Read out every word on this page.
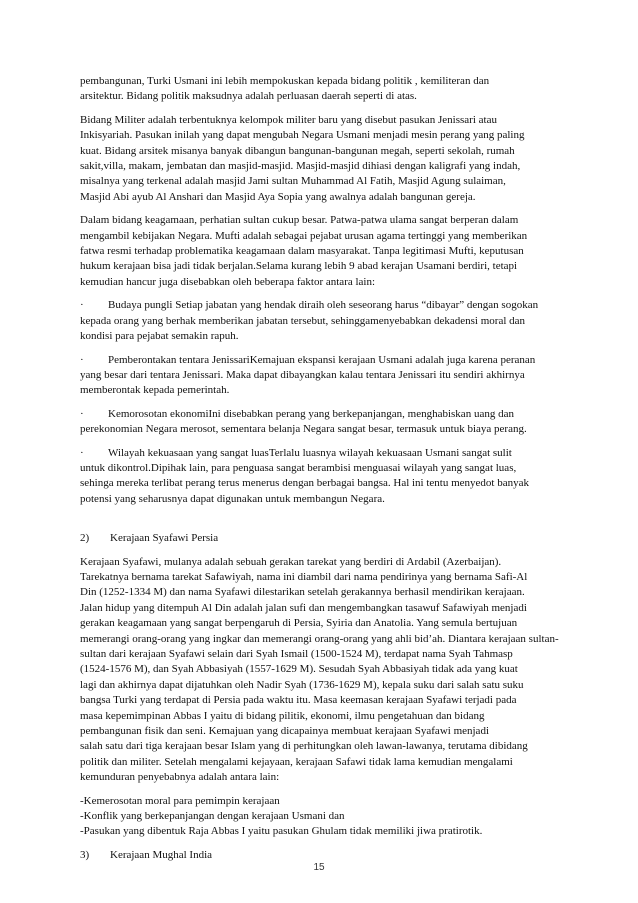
pembangunan, Turki Usmani ini lebih mempokuskan kepada bidang politik , kemiliteran dan
arsitektur. Bidang politik maksudnya adalah perluasan daerah seperti di atas.
Bidang Militer adalah terbentuknya kelompok militer baru yang disebut pasukan Jenissari atau
Inkisyariah. Pasukan inilah yang dapat mengubah Negara Usmani menjadi mesin perang yang paling
kuat. Bidang arsitek misanya banyak dibangun bangunan-bangunan megah, seperti sekolah, rumah
sakit,villa, makam, jembatan dan masjid-masjid. Masjid-masjid dihiasi dengan kaligrafi yang indah,
misalnya yang terkenal adalah masjid Jami sultan Muhammad Al Fatih, Masjid Agung sulaiman,
Masjid Abi ayub Al Anshari dan Masjid Aya Sopia yang awalnya adalah bangunan gereja.
Dalam bidang keagamaan, perhatian sultan cukup besar. Patwa-patwa ulama sangat berperan dalam
mengambil kebijakan Negara. Mufti adalah sebagai pejabat urusan agama tertinggi yang memberikan
fatwa resmi terhadap problematika keagamaan dalam masyarakat. Tanpa legitimasi Mufti, keputusan
hukum kerajaan bisa jadi tidak berjalan.Selama kurang lebih 9 abad kerajan Usamani berdiri, tetapi
kemudian hancur juga disebabkan oleh beberapa faktor antara lain:
· Budaya pungli Setiap jabatan yang hendak diraih oleh seseorang harus “dibayar” dengan sogokan
kepada orang yang berhak memberikan jabatan tersebut, sehinggamenyebabkan dekadensi moral dan
kondisi para pejabat semakin rapuh.
· Pemberontakan tentara JenissariKemajuan ekspansi kerajaan Usmani adalah juga karena peranan
yang besar dari tentara Jenissari. Maka dapat dibayangkan kalau tentara Jenissari itu sendiri akhirnya
memberontak kepada pemerintah.
· Kemorosotan ekonomiIni disebabkan perang yang berkepanjangan, menghabiskan uang dan
perekonomian Negara merosot, sementara belanja Negara sangat besar, termasuk untuk biaya perang.
· Wilayah kekuasaan yang sangat luasTerlalu luasnya wilayah kekuasaan Usmani sangat sulit
untuk dikontrol.Dipihak lain, para penguasa sangat berambisi menguasai wilayah yang sangat luas,
sehinga mereka terlibat perang terus menerus dengan berbagai bangsa. Hal ini tentu menyedot banyak
potensi yang seharusnya dapat digunakan untuk membangun Negara.
2) Kerajaan Syafawi Persia
Kerajaan Syafawi, mulanya adalah sebuah gerakan tarekat yang berdiri di Ardabil (Azerbaijan).
Tarekatnya bernama tarekat Safawiyah, nama ini diambil dari nama pendirinya yang bernama Safi-Al
Din (1252-1334 M) dan nama Syafawi dilestarikan setelah gerakannya berhasil mendirikan kerajaan.
Jalan hidup yang ditempuh Al Din adalah jalan sufi dan mengembangkan tasawuf Safawiyah menjadi
gerakan keagamaan yang sangat berpengaruh di Persia, Syiria dan Anatolia. Yang semula bertujuan
memerangi orang-orang yang ingkar dan memerangi orang-orang yang ahli bid’ah. Diantara kerajaan sultan-
sultan dari kerajaan Syafawi selain dari Syah Ismail (1500-1524 M), terdapat nama Syah Tahmasp
(1524-1576 M), dan Syah Abbasiyah (1557-1629 M). Sesudah Syah Abbasiyah tidak ada yang kuat
lagi dan akhirnya dapat dijatuhkan oleh Nadir Syah (1736-1629 M), kepala suku dari salah satu suku
bangsa Turki yang terdapat di Persia pada waktu itu. Masa keemasan kerajaan Syafawi terjadi pada
masa kepemimpinan Abbas I yaitu di bidang pilitik, ekonomi, ilmu pengetahuan dan bidang
pembangunan fisik dan seni. Kemajuan yang dicapainya membuat kerajaan Syafawi menjadi
salah satu dari tiga kerajaan besar Islam yang di perhitungkan oleh lawan-lawanya, terutama dibidang
politik dan militer. Setelah mengalami kejayaan, kerajaan Safawi tidak lama kemudian mengalami
kemunduran penyebabnya adalah antara lain:
-Kemerosotan moral para pemimpin kerajaan
-Konflik yang berkepanjangan dengan kerajaan Usmani dan
-Pasukan yang dibentuk Raja Abbas I yaitu pasukan Ghulam tidak memiliki jiwa pratirotik.
3) Kerajaan Mughal India
15
